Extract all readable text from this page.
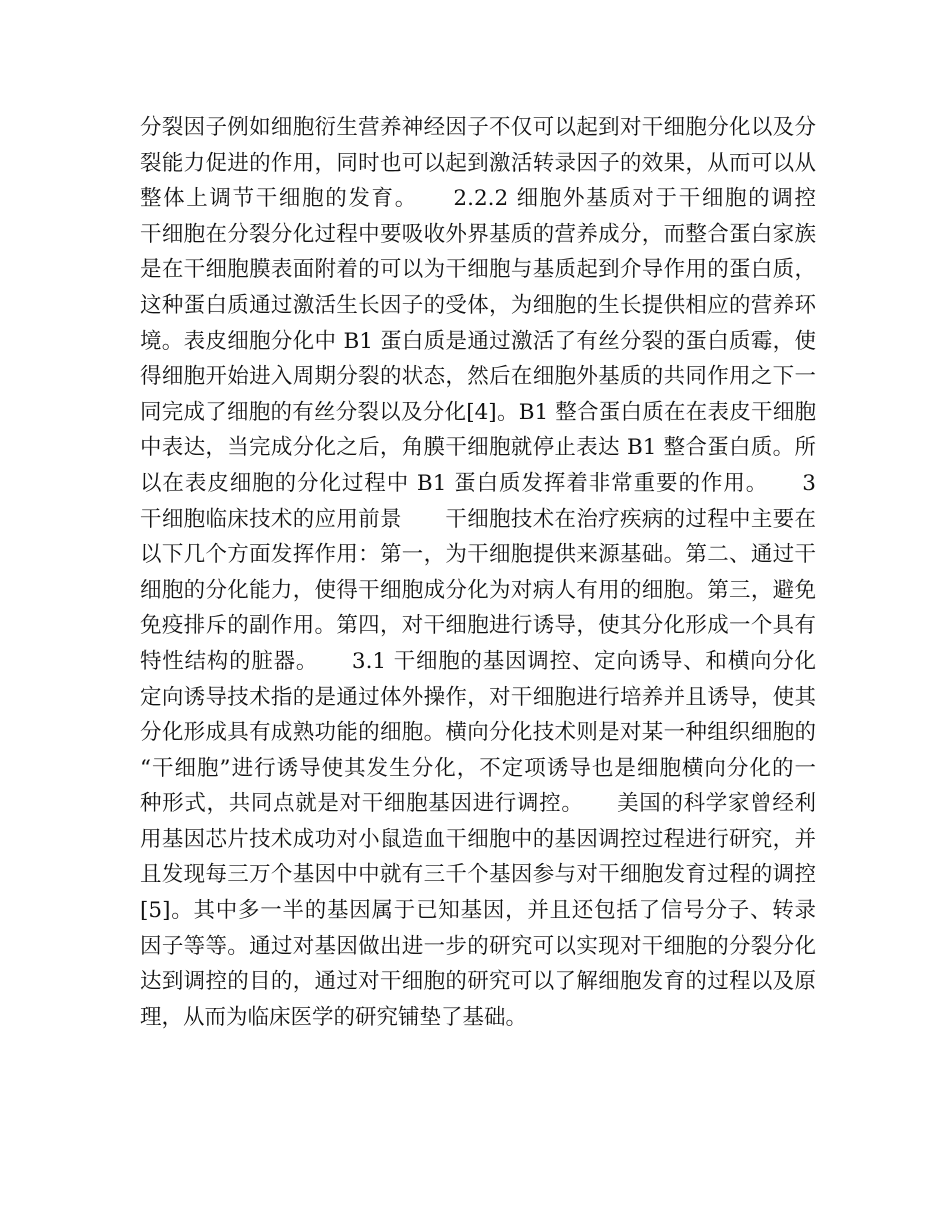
分裂因子例如细胞衍生营养神经因子不仅可以起到对干细胞分化以及分
裂能力促进的作用，同时也可以起到激活转录因子的效果，从而可以从
整体上调节干细胞的发育。　　2.2.2 细胞外基质对于干细胞的调控
干细胞在分裂分化过程中要吸收外界基质的营养成分，而整合蛋白家族
是在干细胞膜表面附着的可以为干细胞与基质起到介导作用的蛋白质，
这种蛋白质通过激活生长因子的受体，为细胞的生长提供相应的营养环
境。表皮细胞分化中 B1 蛋白质是通过激活了有丝分裂的蛋白质霉，使
得细胞开始进入周期分裂的状态，然后在细胞外基质的共同作用之下一
同完成了细胞的有丝分裂以及分化[4]。B1 整合蛋白质在在表皮干细胞
中表达，当完成分化之后，角膜干细胞就停止表达 B1 整合蛋白质。所
以在表皮细胞的分化过程中 B1 蛋白质发挥着非常重要的作用。　　3
干细胞临床技术的应用前景　　干细胞技术在治疗疾病的过程中主要在
以下几个方面发挥作用：第一，为干细胞提供来源基础。第二、通过干
细胞的分化能力，使得干细胞成分化为对病人有用的细胞。第三，避免
免疫排斥的副作用。第四，对干细胞进行诱导，使其分化形成一个具有
特性结构的脏器。　　3.1 干细胞的基因调控、定向诱导、和横向分化
定向诱导技术指的是通过体外操作，对干细胞进行培养并且诱导，使其
分化形成具有成熟功能的细胞。横向分化技术则是对某一种组织细胞的
“干细胞”进行诱导使其发生分化，不定项诱导也是细胞横向分化的一
种形式，共同点就是对干细胞基因进行调控。　　美国的科学家曾经利
用基因芯片技术成功对小鼠造血干细胞中的基因调控过程进行研究，并
且发现每三万个基因中中就有三千个基因参与对干细胞发育过程的调控
[5]。其中多一半的基因属于已知基因，并且还包括了信号分子、转录
因子等等。通过对基因做出进一步的研究可以实现对干细胞的分裂分化
达到调控的目的，通过对干细胞的研究可以了解细胞发育的过程以及原
理，从而为临床医学的研究铺垫了基础。
